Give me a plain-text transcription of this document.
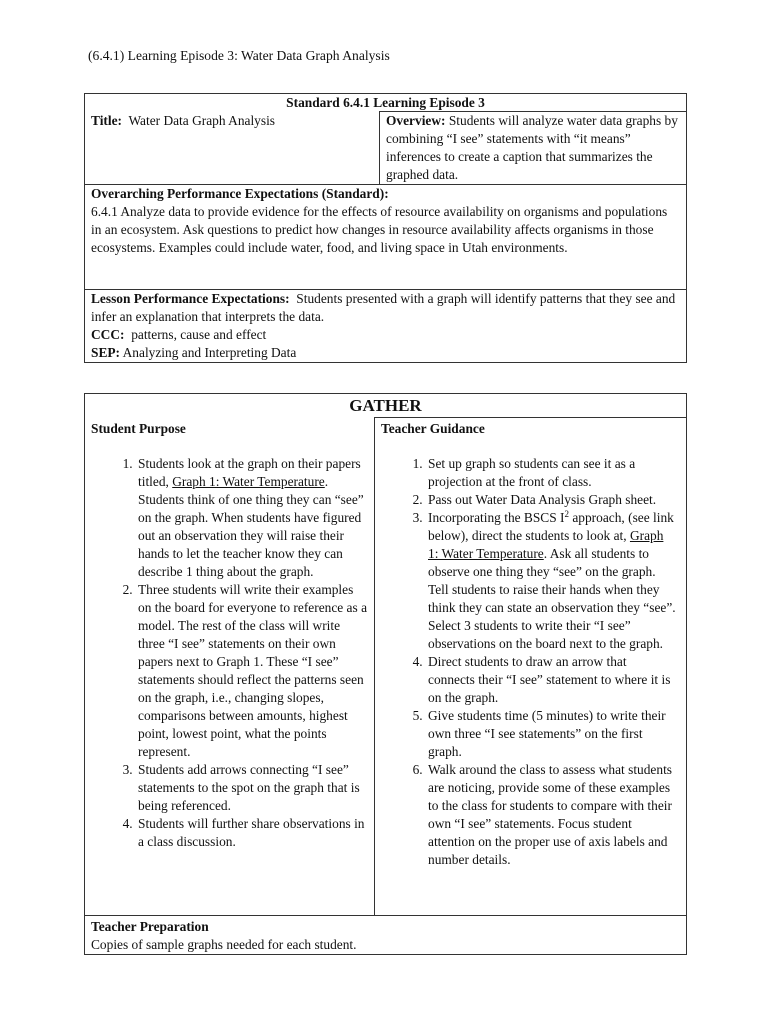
(6.4.1) Learning Episode 3: Water Data Graph Analysis
Standard 6.4.1 Learning Episode 3
Title: Water Data Graph Analysis	Overview: Students will analyze water data graphs by combining “I see” statements with “it means” inferences to create a caption that summarizes the graphed data.
Overarching Performance Expectations (Standard):
6.4.1 Analyze data to provide evidence for the effects of resource availability on organisms and populations in an ecosystem. Ask questions to predict how changes in resource availability affects organisms in those ecosystems. Examples could include water, food, and living space in Utah environments.
Lesson Performance Expectations: Students presented with a graph will identify patterns that they see and infer an explanation that interprets the data.
CCC: patterns, cause and effect
SEP: Analyzing and Interpreting Data
GATHER

Student Purpose
1. Students look at the graph on their papers titled, Graph 1: Water Temperature. Students think of one thing they can “see” on the graph. When students have figured out an observation they will raise their hands to let the teacher know they can describe 1 thing about the graph.
2. Three students will write their examples on the board for everyone to reference as a model. The rest of the class will write three “I see” statements on their own papers next to Graph 1. These “I see” statements should reflect the patterns seen on the graph, i.e., changing slopes, comparisons between amounts, highest point, lowest point, what the points represent.
3. Students add arrows connecting “I see” statements to the spot on the graph that is being referenced.
4. Students will further share observations in a class discussion.
	Teacher Guidance
1. Set up graph so students can see it as a projection at the front of class.
2. Pass out Water Data Analysis Graph sheet.
3. Incorporating the BSCS $I^2$ approach, (see link below), direct the students to look at, Graph 1: Water Temperature. Ask all students to observe one thing they “see” on the graph. Tell students to raise their hands when they think they can state an observation they “see”. Select 3 students to write their “I see” observations on the board next to the graph.
4. Direct students to draw an arrow that connects their “I see” statement to where it is on the graph.
5. Give students time (5 minutes) to write their own three “I see statements” on the first graph.
6. Walk around the class to assess what students are noticing, provide some of these examples to the class for students to compare with their own “I see” statements. Focus student attention on the proper use of axis labels and number details.

Teacher Preparation
Copies of sample graphs needed for each student.
